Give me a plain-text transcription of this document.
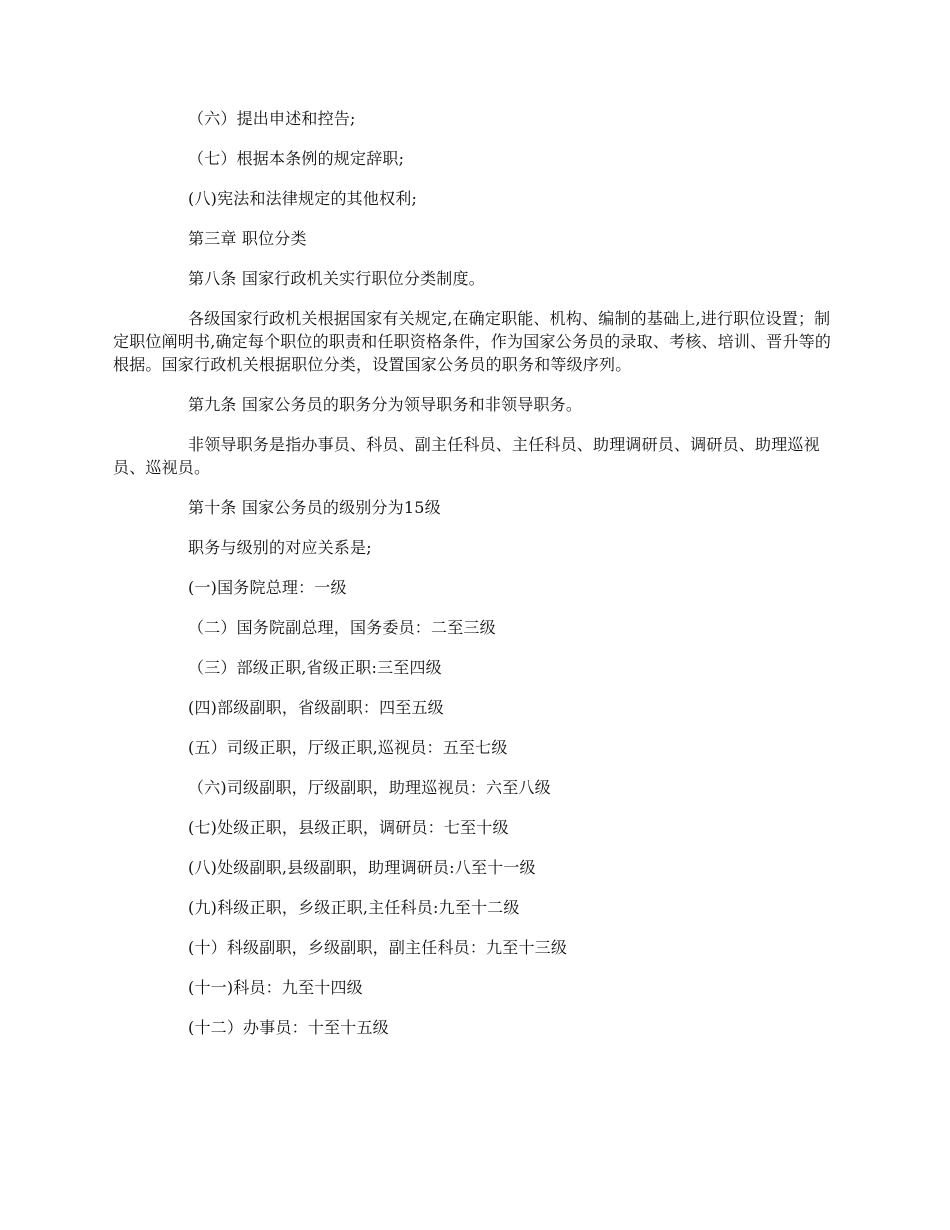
（六）提出申述和控告;

（七）根据本条例的规定辞职;

(八)宪法和法律规定的其他权利;

第三章 职位分类

第八条 国家行政机关实行职位分类制度。

各级国家行政机关根据国家有关规定,在确定职能、机构、编制的基础上,进行职位设置；制定职位阐明书,确定每个职位的职责和任职资格条件，作为国家公务员的录取、考核、培训、晋升等的根据。国家行政机关根据职位分类，设置国家公务员的职务和等级序列。

第九条 国家公务员的职务分为领导职务和非领导职务。

非领导职务是指办事员、科员、副主任科员、主任科员、助理调研员、调研员、助理巡视员、巡视员。

第十条 国家公务员的级别分为15级

职务与级别的对应关系是;

(一)国务院总理：一级

（二）国务院副总理，国务委员：二至三级

（三）部级正职,省级正职:三至四级

(四)部级副职，省级副职：四至五级

(五）司级正职，厅级正职,巡视员：五至七级

（六)司级副职，厅级副职，助理巡视员：六至八级

(七)处级正职，县级正职，调研员：七至十级

(八)处级副职,县级副职，助理调研员:八至十一级

(九)科级正职，乡级正职,主任科员:九至十二级

(十）科级副职，乡级副职，副主任科员：九至十三级

(十一)科员：九至十四级

(十二）办事员：十至十五级
